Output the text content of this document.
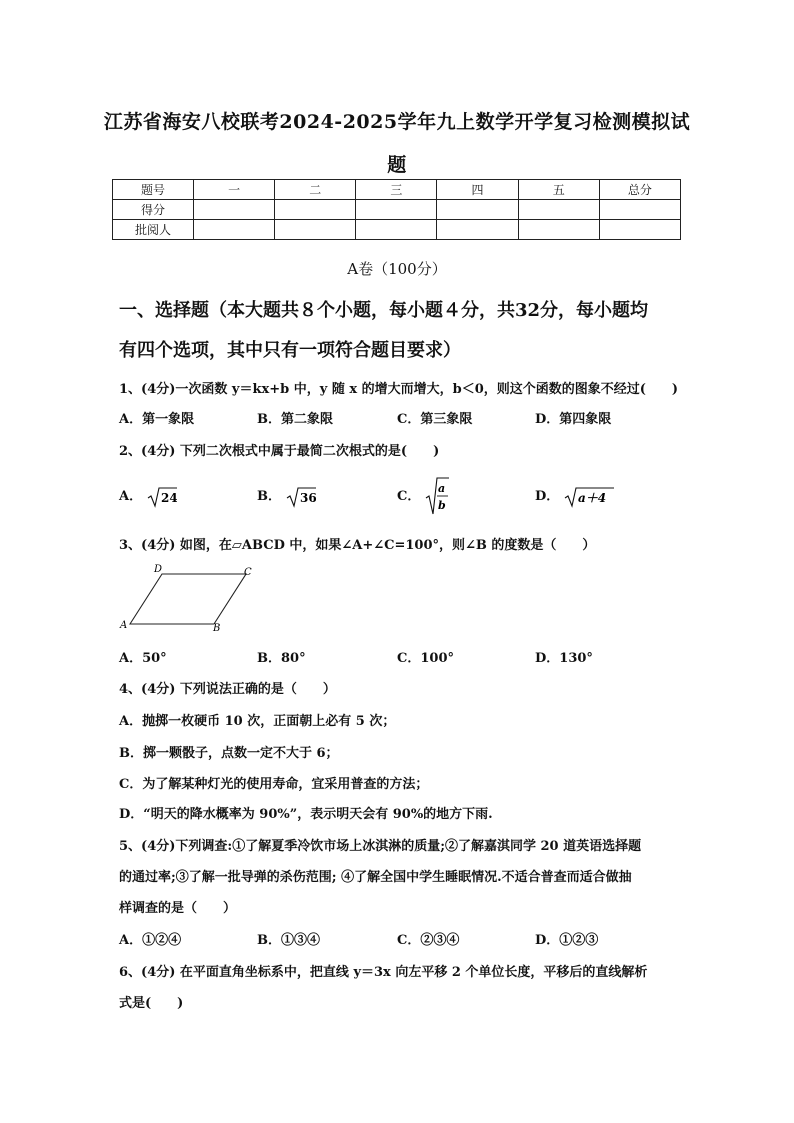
江苏省海安八校联考2024-2025学年九上数学开学复习检测模拟试
题
题号	一	二	三	四	五	总分
得分						
批阅人						
A卷（100分）
一、选择题（本大题共８个小题，每小题４分，共32分，每小题均
有四个选项，其中只有一项符合题目要求）
1、(4分)一次函数 y＝kx+b 中，y 随 x 的增大而增大，b＜0，则这个函数的图象不经过(　　)
A．第一象限	B．第二象限	C．第三象限	D．第四象限
2、(4分) 下列二次根式中属于最简二次根式的是(　　)
A． 24	B． 36	C．
a
b
D． a＋4
3、(4分) 如图，在▱ABCD 中，如果∠A+∠C=100°，则∠B 的度数是（　　）
D	C
A	B
A．50°	B．80°	C．100°	D．130°
4、(4分) 下列说法正确的是（　　）
A．抛掷一枚硬币 10 次，正面朝上必有 5 次；
B．掷一颗骰子，点数一定不大于 6；
C．为了解某种灯光的使用寿命，宜采用普查的方法；
D．“明天的降水概率为 90%”，表示明天会有 90%的地方下雨.
5、(4分)下列调查:①了解夏季冷饮市场上冰淇淋的质量;②了解嘉淇同学 20 道英语选择题
的通过率;③了解一批导弹的杀伤范围; ④了解全国中学生睡眠情况.不适合普查而适合做抽
样调查的是（　　）
A．①②④	B．①③④	C．②③④	D．①②③
6、(4分) 在平面直角坐标系中，把直线 y＝3x 向左平移 2 个单位长度，平移后的直线解析
式是(　　)
